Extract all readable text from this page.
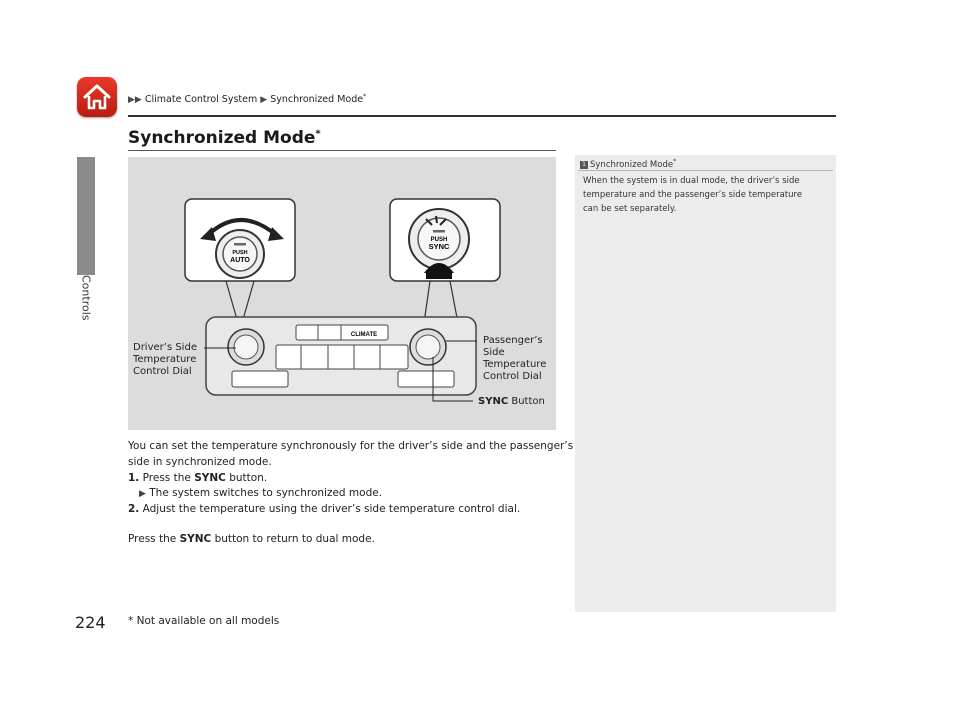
Controls
▶▶ Climate Control System ▶ Synchronized Mode*
Synchronized Mode*
PUSH
AUTO
PUSH
SYNC
CLIMATE
Driver’s Side
Temperature
Control Dial
Passenger’s
Side
Temperature
Control Dial
SYNC Button
You can set the temperature synchronously for the driver’s side and the passenger’s
side in synchronized mode.
1. Press the SYNC button.
▶ The system switches to synchronized mode.
2. Adjust the temperature using the driver’s side temperature control dial.
Press the SYNC button to return to dual mode.
1 Synchronized Mode*
When the system is in dual mode, the driver’s side
temperature and the passenger’s side temperature
can be set separately.
224 * Not available on all models
